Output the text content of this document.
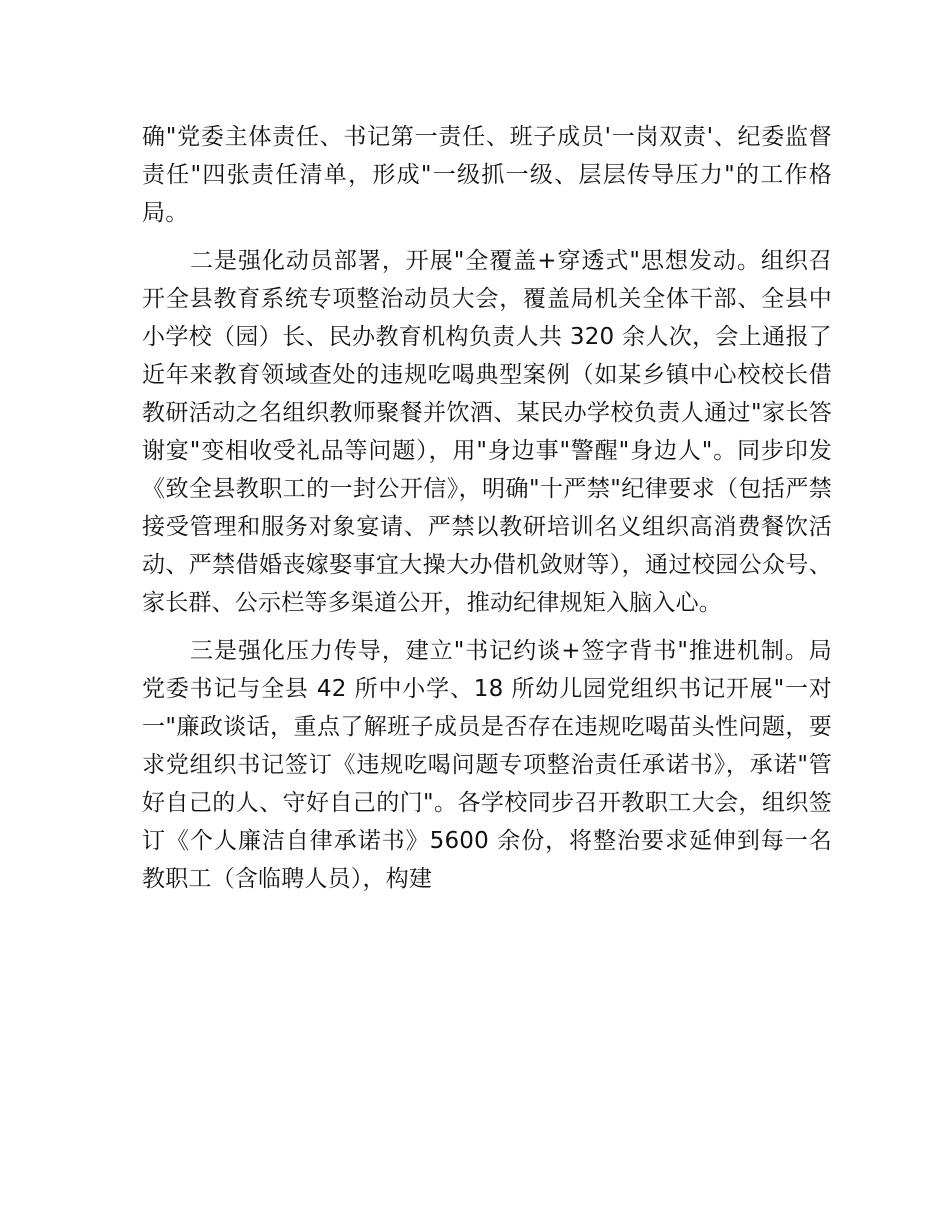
确"党委主体责任、书记第一责任、班子成员'一岗双责'、纪委监督责任"四张责任清单，形成"一级抓一级、层层传导压力"的工作格局。

二是强化动员部署，开展"全覆盖+穿透式"思想发动。组织召开全县教育系统专项整治动员大会，覆盖局机关全体干部、全县中小学校（园）长、民办教育机构负责人共 320 余人次，会上通报了近年来教育领域查处的违规吃喝典型案例（如某乡镇中心校校长借教研活动之名组织教师聚餐并饮酒、某民办学校负责人通过"家长答谢宴"变相收受礼品等问题），用"身边事"警醒"身边人"。同步印发《致全县教职工的一封公开信》，明确"十严禁"纪律要求（包括严禁接受管理和服务对象宴请、严禁以教研培训名义组织高消费餐饮活动、严禁借婚丧嫁娶事宜大操大办借机敛财等），通过校园公众号、家长群、公示栏等多渠道公开，推动纪律规矩入脑入心。

三是强化压力传导，建立"书记约谈+签字背书"推进机制。局党委书记与全县 42 所中小学、18 所幼儿园党组织书记开展"一对一"廉政谈话，重点了解班子成员是否存在违规吃喝苗头性问题，要求党组织书记签订《违规吃喝问题专项整治责任承诺书》，承诺"管好自己的人、守好自己的门"。各学校同步召开教职工大会，组织签订《个人廉洁自律承诺书》5600 余份，将整治要求延伸到每一名教职工（含临聘人员），构建
